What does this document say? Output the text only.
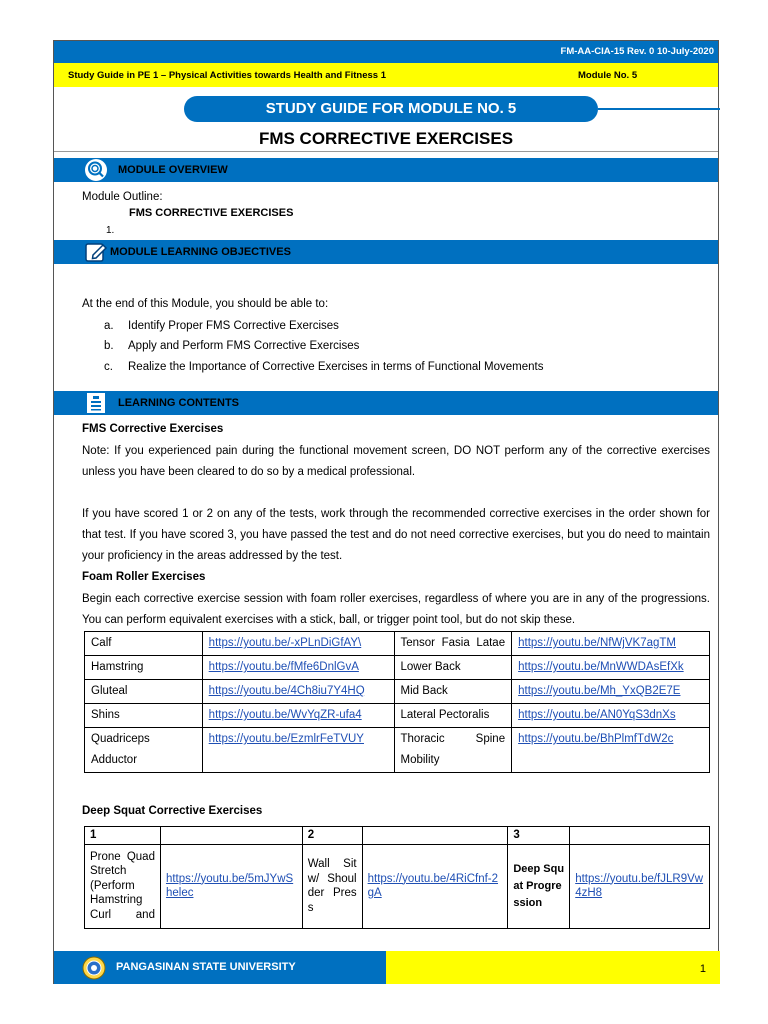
FM-AA-CIA-15 Rev. 0 10-July-2020
Study Guide in PE 1 – Physical Activities towards Health and Fitness 1	Module No. 5
STUDY GUIDE FOR MODULE NO. 5
FMS CORRECTIVE EXERCISES
MODULE OVERVIEW
Module Outline:
FMS CORRECTIVE EXERCISES
1.
MODULE LEARNING OBJECTIVES
At the end of this Module, you should be able to:
a. Identify Proper FMS Corrective Exercises
b. Apply and Perform FMS Corrective Exercises
c. Realize the Importance of Corrective Exercises in terms of Functional Movements
LEARNING CONTENTS
FMS Corrective Exercises
Note: If you experienced pain during the functional movement screen, DO NOT perform any of the corrective exercises unless you have been cleared to do so by a medical professional.
If you have scored 1 or 2 on any of the tests, work through the recommended corrective exercises in the order shown for that test. If you have scored 3, you have passed the test and do not need corrective exercises, but you do need to maintain your proficiency in the areas addressed by the test.
Foam Roller Exercises
Begin each corrective exercise session with foam roller exercises, regardless of where you are in any of the progressions. You can perform equivalent exercises with a stick, ball, or trigger point tool, but do not skip these.
Calf	https://youtu.be/-xPLnDiGfAY\	Tensor Fasia Latae	https://youtu.be/NfWjVK7agTM
Hamstring	https://youtu.be/fMfe6DnlGvA	Lower Back	https://youtu.be/MnWWDAsEfXk
Gluteal	https://youtu.be/4Ch8iu7Y4HQ	Mid Back	https://youtu.be/Mh_YxQB2E7E
Shins	https://youtu.be/WvYqZR-ufa4	Lateral Pectoralis	https://youtu.be/AN0YqS3dnXs
Quadriceps Adductor	https://youtu.be/EzmlrFeTVUY	Thoracic Spine Mobility	https://youtu.be/BhPlmfTdW2c
Deep Squat Corrective Exercises
1		2		3	
Prone Quad Stretch (Perform Hamstring Curl and	https://youtu.be/5mJYwShelec	Wall Sit w/ Shoulder Press	https://youtu.be/4RiCfnf-2gA	Deep Squat Progression	https://youtu.be/fJLR9Vw4zH8
PANGASINAN STATE UNIVERSITY	1
